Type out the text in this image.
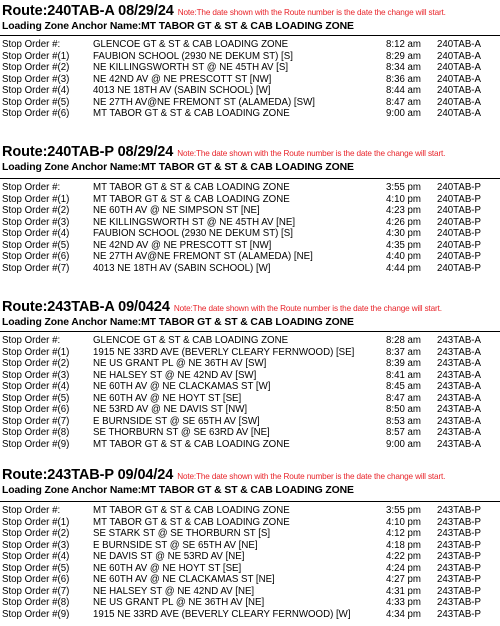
Route:240TAB-A 08/29/24 Note:The date shown with the Route number is the date the change will start.
Loading Zone Anchor Name:MT TABOR GT & ST & CAB LOADING ZONE
Stop Order #:	GLENCOE GT & ST & CAB LOADING ZONE	8:12 am 240TAB-A
Stop Order #(1) FAUBION SCHOOL (2930 NE DEKUM ST) [S]	8:29 am 240TAB-A
Stop Order #(2) NE KILLINGSWORTH ST @ NE 45TH AV [S]	8:34 am 240TAB-A
Stop Order #(3) NE 42ND AV @ NE PRESCOTT ST [NW]	8:36 am 240TAB-A
Stop Order #(4) 4013 NE 18TH AV (SABIN SCHOOL) [W]	8:44 am 240TAB-A
Stop Order #(5) NE 27TH AV@NE FREMONT ST (ALAMEDA) [SW]	8:47 am 240TAB-A
Stop Order #(6) MT TABOR GT & ST & CAB LOADING ZONE	9:00 am 240TAB-A
Route:240TAB-P 08/29/24 Note:The date shown with the Route number is the date the change will start.
Loading Zone Anchor Name:MT TABOR GT & ST & CAB LOADING ZONE
Stop Order #:	MT TABOR GT & ST & CAB LOADING ZONE	3:55 pm 240TAB-P
Stop Order #(1) MT TABOR GT & ST & CAB LOADING ZONE	4:10 pm 240TAB-P
Stop Order #(2) NE 60TH AV @ NE SIMPSON ST [NE]	4:23 pm 240TAB-P
Stop Order #(3) NE KILLINGSWORTH ST @ NE 45TH AV [NE]	4:26 pm 240TAB-P
Stop Order #(4) FAUBION SCHOOL (2930 NE DEKUM ST) [S]	4:30 pm 240TAB-P
Stop Order #(5) NE 42ND AV @ NE PRESCOTT ST [NW]	4:35 pm 240TAB-P
Stop Order #(6) NE 27TH AV@NE FREMONT ST (ALAMEDA) [NE]	4:40 pm 240TAB-P
Stop Order #(7) 4013 NE 18TH AV (SABIN SCHOOL) [W]	4:44 pm 240TAB-P
Route:243TAB-A 09/0424 Note:The date shown with the Route number is the date the change will start.
Loading Zone Anchor Name:MT TABOR GT & ST & CAB LOADING ZONE
Stop Order #:	GLENCOE GT & ST & CAB LOADING ZONE	8:28 am 243TAB-A
Stop Order #(1) 1915 NE 33RD AVE (BEVERLY CLEARY FERNWOOD) [SE]	8:37 am 243TAB-A
Stop Order #(2) NE US GRANT PL @ NE 36TH AV [SW]	8:39 am 243TAB-A
Stop Order #(3) NE HALSEY ST @ NE 42ND AV [SW]	8:41 am 243TAB-A
Stop Order #(4) NE 60TH AV @ NE CLACKAMAS ST [W]	8:45 am 243TAB-A
Stop Order #(5) NE 60TH AV @ NE HOYT ST [SE]	8:47 am 243TAB-A
Stop Order #(6) NE 53RD AV @ NE DAVIS ST [NW]	8:50 am 243TAB-A
Stop Order #(7) E BURNSIDE ST @ SE 65TH AV [SW]	8:53 am 243TAB-A
Stop Order #(8) SE THORBURN ST @ SE 63RD AV [NE]	8:57 am 243TAB-A
Stop Order #(9) MT TABOR GT & ST & CAB LOADING ZONE	9:00 am 243TAB-A
Route:243TAB-P 09/04/24 Note:The date shown with the Route number is the date the change will start.
Loading Zone Anchor Name:MT TABOR GT & ST & CAB LOADING ZONE
Stop Order #:	MT TABOR GT & ST & CAB LOADING ZONE	3:55 pm 243TAB-P
Stop Order #(1) MT TABOR GT & ST & CAB LOADING ZONE	4:10 pm 243TAB-P
Stop Order #(2) SE STARK ST @ SE THORBURN ST [S]	4:12 pm 243TAB-P
Stop Order #(3) E BURNSIDE ST @ SE 65TH AV [NE]	4:18 pm 243TAB-P
Stop Order #(4) NE DAVIS ST @ NE 53RD AV [NE]	4:22 pm 243TAB-P
Stop Order #(5) NE 60TH AV @ NE HOYT ST [SE]	4:24 pm 243TAB-P
Stop Order #(6) NE 60TH AV @ NE CLACKAMAS ST [NE]	4:27 pm 243TAB-P
Stop Order #(7) NE HALSEY ST @ NE 42ND AV [NE]	4:31 pm 243TAB-P
Stop Order #(8) NE US GRANT PL @ NE 36TH AV [NE]	4:33 pm 243TAB-P
Stop Order #(9) 1915 NE 33RD AVE (BEVERLY CLEARY FERNWOOD) [W]	4:34 pm 243TAB-P
